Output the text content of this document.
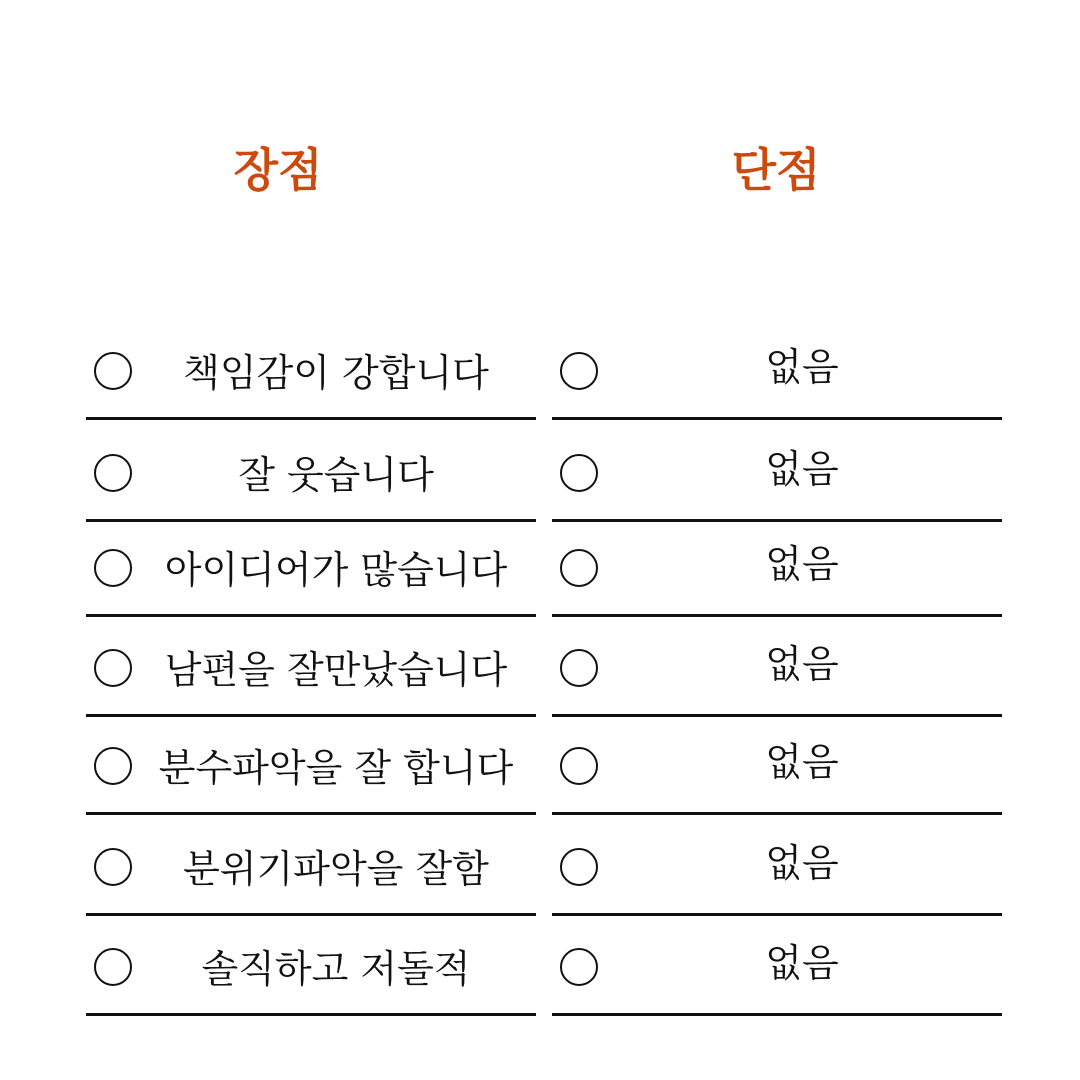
장점	단점
책임감이 강합니다
잘 웃습니다
아이디어가 많습니다
남편을 잘만났습니다
분수파악을 잘 합니다
분위기파악을 잘함
솔직하고 저돌적
없음
없음
없음
없음
없음
없음
없음
